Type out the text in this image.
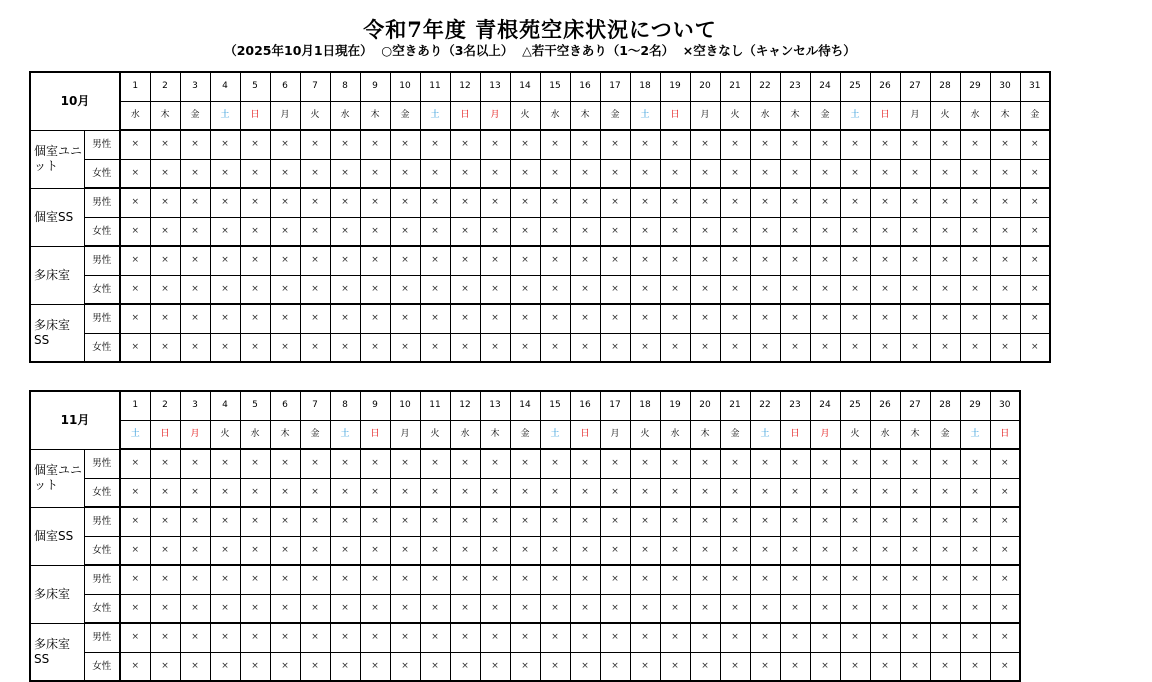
令和7年度 青根苑空床状況について
（2025年10月1日現在）  ○空きあり（3名以上）  △若干空きあり（1～2名）  ×空きなし（キャンセル待ち）
10月		1	2	3	4	5	6	7	8	9	10	11	12	13	14	15	16	17	18	19	20	21	22	23	24	25	26	27	28	29	30	31
		水	木	金	土	日	月	火	水	木	金	土	日	月	火	水	木	金	土	日	月	火	水	木	金	土	日	月	火	水	木	金
個室ユニット	男性	×	×	×	×	×	×	×	×	×	×	×	×	×	×	×	×	×	×	×	×	×	×	×	×	×	×	×	×	×	×	×
	女性	×	×	×	×	×	×	×	×	×	×	×	×	×	×	×	×	×	×	×	×	×	×	×	×	×	×	×	×	×	×	×
個室SS	男性	×	×	×	×	×	×	×	×	×	×	×	×	×	×	×	×	×	×	×	×	×	×	×	×	×	×	×	×	×	×	×
	女性	×	×	×	×	×	×	×	×	×	×	×	×	×	×	×	×	×	×	×	×	×	×	×	×	×	×	×	×	×	×	×
多床室	男性	×	×	×	×	×	×	×	×	×	×	×	×	×	×	×	×	×	×	×	×	×	×	×	×	×	×	×	×	×	×	×
	女性	×	×	×	×	×	×	×	×	×	×	×	×	×	×	×	×	×	×	×	×	×	×	×	×	×	×	×	×	×	×	×
多床室SS	男性	×	×	×	×	×	×	×	×	×	×	×	×	×	×	×	×	×	×	×	×	×	×	×	×	×	×	×	×	×	×	×
	女性	×	×	×	×	×	×	×	×	×	×	×	×	×	×	×	×	×	×	×	×	×	×	×	×	×	×	×	×	×	×	×
11月		1	2	3	4	5	6	7	8	9	10	11	12	13	14	15	16	17	18	19	20	21	22	23	24	25	26	27	28	29	30
		土	日	月	火	水	木	金	土	日	月	火	水	木	金	土	日	月	火	水	木	金	土	日	月	火	水	木	金	土	日
個室ユニット	男性	×	×	×	×	×	×	×	×	×	×	×	×	×	×	×	×	×	×	×	×	×	×	×	×	×	×	×	×	×	×
	女性	×	×	×	×	×	×	×	×	×	×	×	×	×	×	×	×	×	×	×	×	×	×	×	×	×	×	×	×	×	×
個室SS	男性	×	×	×	×	×	×	×	×	×	×	×	×	×	×	×	×	×	×	×	×	×	×	×	×	×	×	×	×	×	×
	女性	×	×	×	×	×	×	×	×	×	×	×	×	×	×	×	×	×	×	×	×	×	×	×	×	×	×	×	×	×	×
多床室	男性	×	×	×	×	×	×	×	×	×	×	×	×	×	×	×	×	×	×	×	×	×	×	×	×	×	×	×	×	×	×
	女性	×	×	×	×	×	×	×	×	×	×	×	×	×	×	×	×	×	×	×	×	×	×	×	×	×	×	×	×	×	×
多床室SS	男性	×	×	×	×	×	×	×	×	×	×	×	×	×	×	×	×	×	×	×	×	×	×	×	×	×	×	×	×	×	×
	女性	×	×	×	×	×	×	×	×	×	×	×	×	×	×	×	×	×	×	×	×	×	×	×	×	×	×	×	×	×	×
